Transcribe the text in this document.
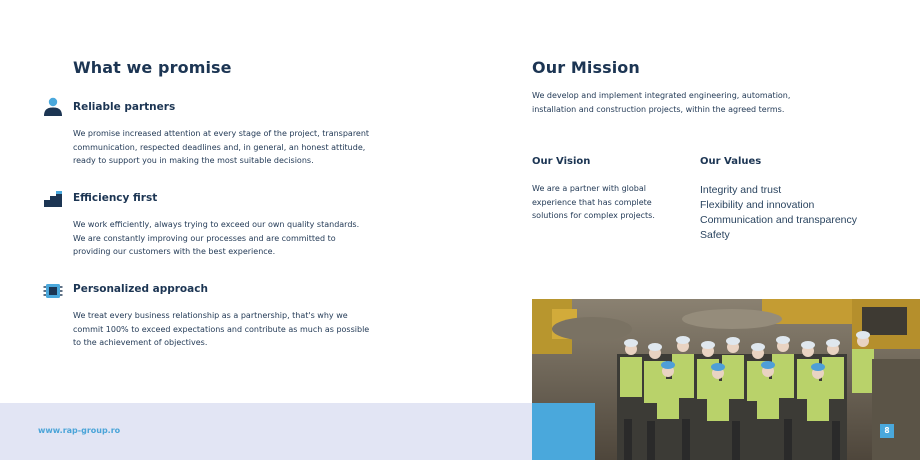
What we promise
Reliable partners
We promise increased attention at every stage of the project, transparent communication, respected deadlines and, in general, an honest attitude, ready to support you in making the most suitable decisions.
Efficiency first
We work efficiently, always trying to exceed our own quality standards. We are constantly improving our processes and are committed to providing our customers with the best experience.
Personalized approach
We treat every business relationship as a partnership, that's why we commit 100% to exceed expectations and contribute as much as possible to the achievement of objectives.
Our Mission
We develop and implement integrated engineering, automation, installation and construction projects, within the agreed terms.
Our Vision
We are a partner with global experience that has complete solutions for complex projects.
Our Values
Integrity and trust
Flexibility and innovation
Communication and transparency
Safety
8
www.rap-group.ro
